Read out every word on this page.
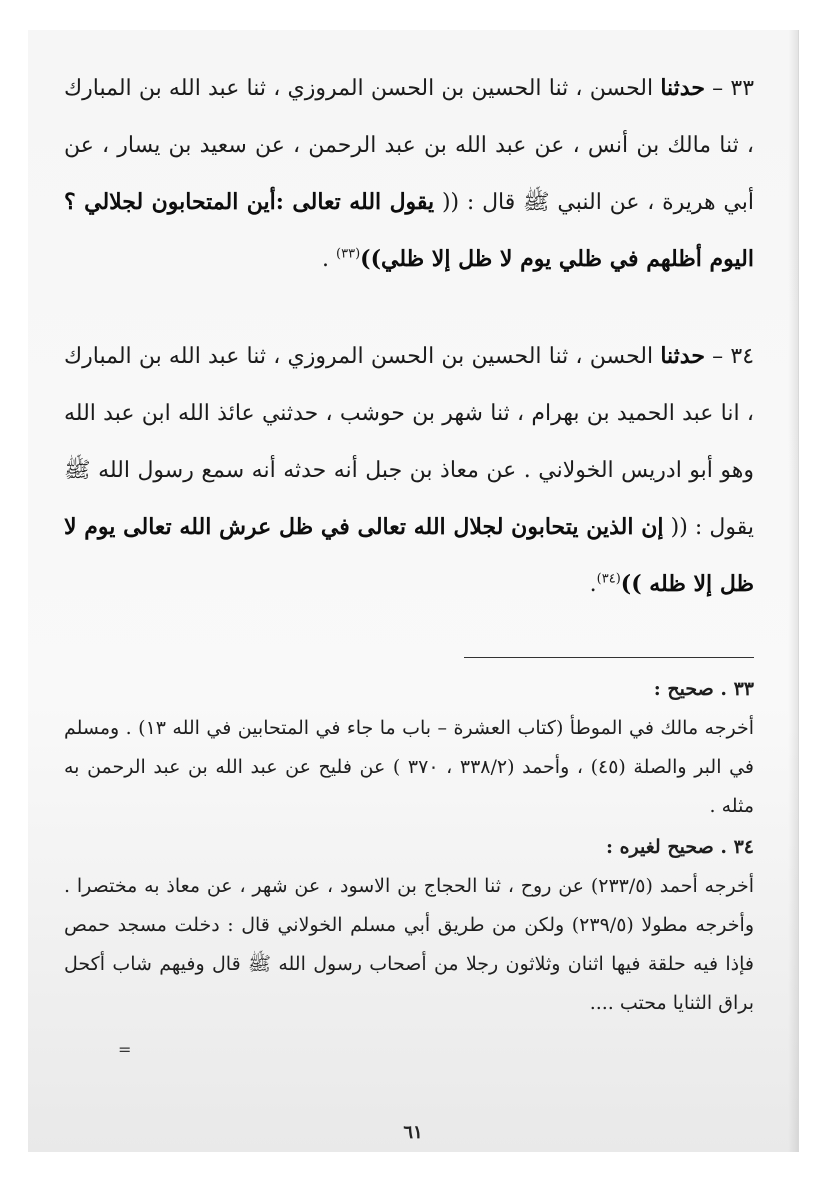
٣٣ – حدثنا الحسن ، ثنا الحسين بن الحسن المروزي ، ثنا عبد الله بن المبارك ، ثنا مالك بن أنس ، عن عبد الله بن عبد الرحمن ، عن سعيد بن يسار ، عن أبي هريرة ، عن النبي ﷺ قال : (( يقول الله تعالى :أين المتحابون لجلالي ؟ اليوم أظلهم في ظلي يوم لا ظل إلا ظلي))$^{(٣٣)}$ .

٣٤ – حدثنا الحسن ، ثنا الحسين بن الحسن المروزي ، ثنا عبد الله بن المبارك ، انا عبد الحميد بن بهرام ، ثنا شهر بن حوشب ، حدثني عائذ الله ابن عبد الله وهو أبو ادريس الخولاني . عن معاذ بن جبل أنه حدثه أنه سمع رسول الله ﷺ يقول : (( إن الذين يتحابون لجلال الله تعالى في ظل عرش الله تعالى يوم لا ظل إلا ظله ))$^{(٣٤)}$.

٣٣ . صحيح :
أخرجه مالك في الموطأ (كتاب العشرة – باب ما جاء في المتحابين في الله ١٣) . ومسلم في البر والصلة (٤٥) ، وأحمد (٣٣٨/٢ ، ٣٧٠ ) عن فليح عن عبد الله بن عبد الرحمن به مثله .
٣٤ . صحيح لغيره :
أخرجه أحمد (٢٣٣/٥) عن روح ، ثنا الحجاج بن الاسود ، عن شهر ، عن معاذ به مختصرا . وأخرجه مطولا (٢٣٩/٥) ولكن من طريق أبي مسلم الخولاني قال : دخلت مسجد حمص فإذا فيه حلقة فيها اثنان وثلاثون رجلا من أصحاب رسول الله ﷺ قال وفيهم شاب أكحل براق الثنايا محتب ....
=
٦١
